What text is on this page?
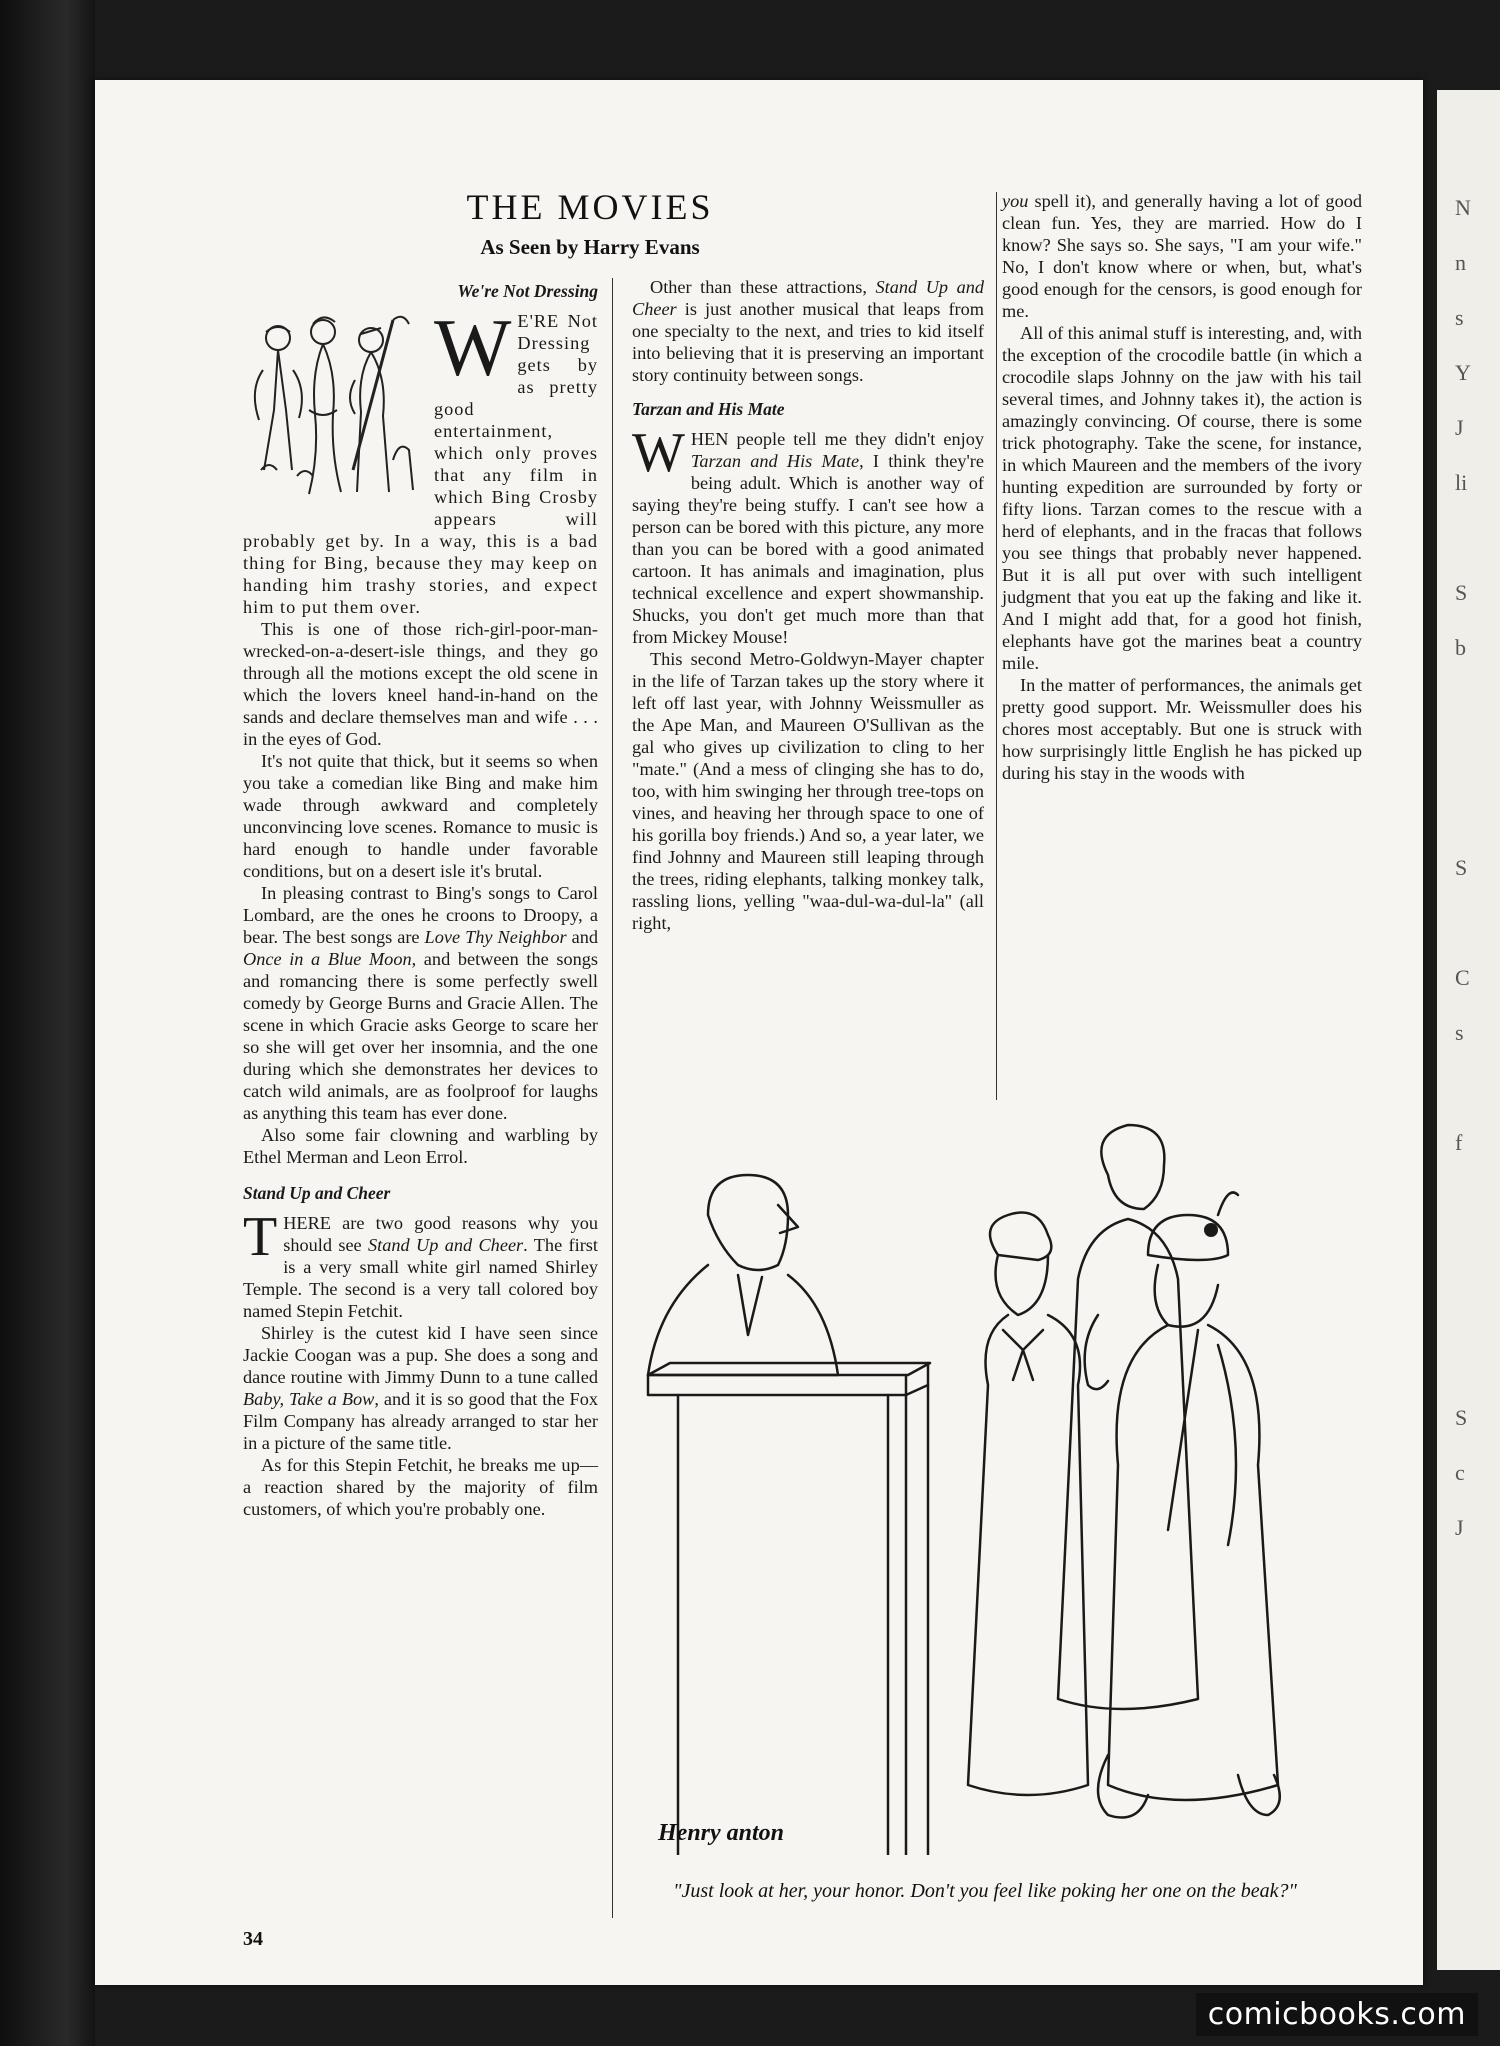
N
n
s
Y
J
li

S
b

S

C
s

f

S
c
J
THE MOVIES
As Seen by Harry Evans
We're Not Dressing

W E'RE Not Dressing gets by as pretty good entertainment, which only proves that any film in which Bing Crosby appears will probably get by. In a way, this is a bad thing for Bing, because they may keep on handing him trashy stories, and expect him to put them over.

This is one of those rich-girl-poor-man-wrecked-on-a-desert-isle things, and they go through all the motions except the old scene in which the lovers kneel hand-in-hand on the sands and declare themselves man and wife . . . in the eyes of God.

It's not quite that thick, but it seems so when you take a comedian like Bing and make him wade through awkward and completely unconvincing love scenes. Romance to music is hard enough to handle under favorable conditions, but on a desert isle it's brutal.

In pleasing contrast to Bing's songs to Carol Lombard, are the ones he croons to Droopy, a bear. The best songs are Love Thy Neighbor and Once in a Blue Moon, and between the songs and romancing there is some perfectly swell comedy by George Burns and Gracie Allen. The scene in which Gracie asks George to scare her so she will get over her insomnia, and the one during which she demonstrates her devices to catch wild animals, are as foolproof for laughs as anything this team has ever done.

Also some fair clowning and warbling by Ethel Merman and Leon Errol.

Stand Up and Cheer

THERE are two good reasons why you should see Stand Up and Cheer. The first is a very small white girl named Shirley Temple. The second is a very tall colored boy named Stepin Fetchit.

Shirley is the cutest kid I have seen since Jackie Coogan was a pup. She does a song and dance routine with Jimmy Dunn to a tune called Baby, Take a Bow, and it is so good that the Fox Film Company has already arranged to star her in a picture of the same title.

As for this Stepin Fetchit, he breaks me up—a reaction shared by the majority of film customers, of which you're probably one.

Other than these attractions, Stand Up and Cheer is just another musical that leaps from one specialty to the next, and tries to kid itself into believing that it is preserving an important story continuity between songs.

Tarzan and His Mate

WHEN people tell me they didn't enjoy Tarzan and His Mate, I think they're being adult. Which is another way of saying they're being stuffy. I can't see how a person can be bored with this picture, any more than you can be bored with a good animated cartoon. It has animals and imagination, plus technical excellence and expert showmanship. Shucks, you don't get much more than that from Mickey Mouse!

This second Metro-Goldwyn-Mayer chapter in the life of Tarzan takes up the story where it left off last year, with Johnny Weissmuller as the Ape Man, and Maureen O'Sullivan as the gal who gives up civilization to cling to her "mate." (And a mess of clinging she has to do, too, with him swinging her through tree-tops on vines, and heaving her through space to one of his gorilla boy friends.) And so, a year later, we find Johnny and Maureen still leaping through the trees, riding elephants, talking monkey talk, rassling lions, yelling "waa-dul-wa-dul-la" (all right,

you spell it), and generally having a lot of good clean fun. Yes, they are married. How do I know? She says so. She says, "I am your wife." No, I don't know where or when, but, what's good enough for the censors, is good enough for me.

All of this animal stuff is interesting, and, with the exception of the crocodile battle (in which a crocodile slaps Johnny on the jaw with his tail several times, and Johnny takes it), the action is amazingly convincing. Of course, there is some trick photography. Take the scene, for instance, in which Maureen and the members of the ivory hunting expedition are surrounded by forty or fifty lions. Tarzan comes to the rescue with a herd of elephants, and in the fracas that follows you see things that probably never happened. But it is all put over with such intelligent judgment that you eat up the faking and like it. And I might add that, for a good hot finish, elephants have got the marines beat a country mile.

In the matter of performances, the animals get pretty good support. Mr. Weissmuller does his chores most acceptably. But one is struck with how surprisingly little English he has picked up during his stay in the woods with

Henry anton
"Just look at her, your honor. Don't you feel like poking her one on the beak?"
34
comicbooks.com
